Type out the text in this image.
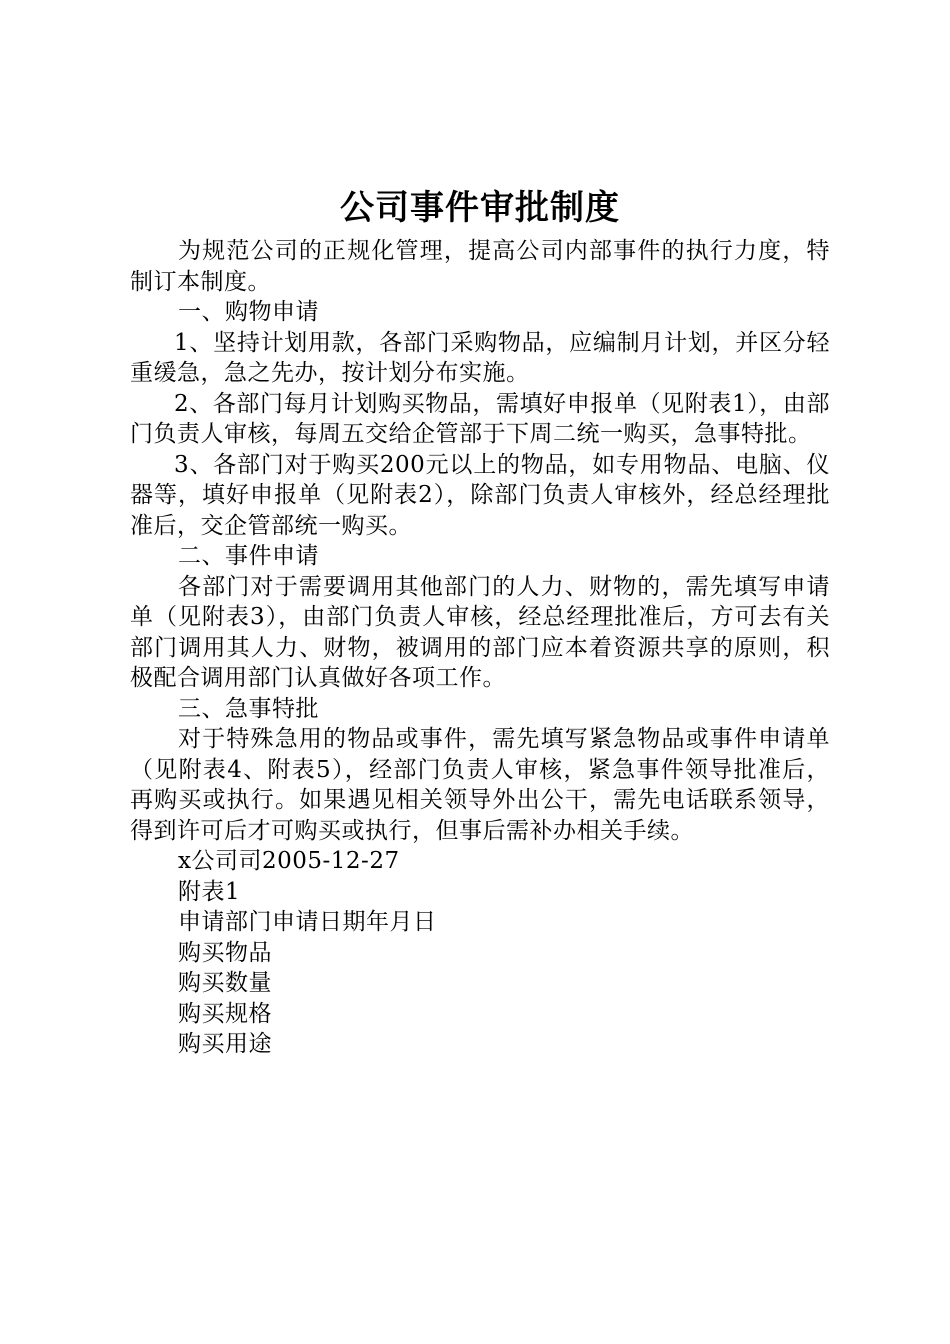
公司事件审批制度

为规范公司的正规化管理，提高公司内部事件的执行力度，特制订本制度。

一、购物申请

1、坚持计划用款，各部门采购物品，应编制月计划，并区分轻重缓急，急之先办，按计划分布实施。

2、各部门每月计划购买物品，需填好申报单（见附表1），由部门负责人审核，每周五交给企管部于下周二统一购买，急事特批。

3、各部门对于购买200元以上的物品，如专用物品、电脑、仪器等，填好申报单（见附表2），除部门负责人审核外，经总经理批准后，交企管部统一购买。

二、事件申请

各部门对于需要调用其他部门的人力、财物的，需先填写申请单（见附表3），由部门负责人审核，经总经理批准后，方可去有关部门调用其人力、财物，被调用的部门应本着资源共享的原则，积极配合调用部门认真做好各项工作。

三、急事特批

对于特殊急用的物品或事件，需先填写紧急物品或事件申请单（见附表4、附表5），经部门负责人审核，紧急事件领导批准后，再购买或执行。如果遇见相关领导外出公干，需先电话联系领导，得到许可后才可购买或执行，但事后需补办相关手续。

x公司司2005-12-27

附表1

申请部门申请日期年月日

购买物品

购买数量

购买规格

购买用途
